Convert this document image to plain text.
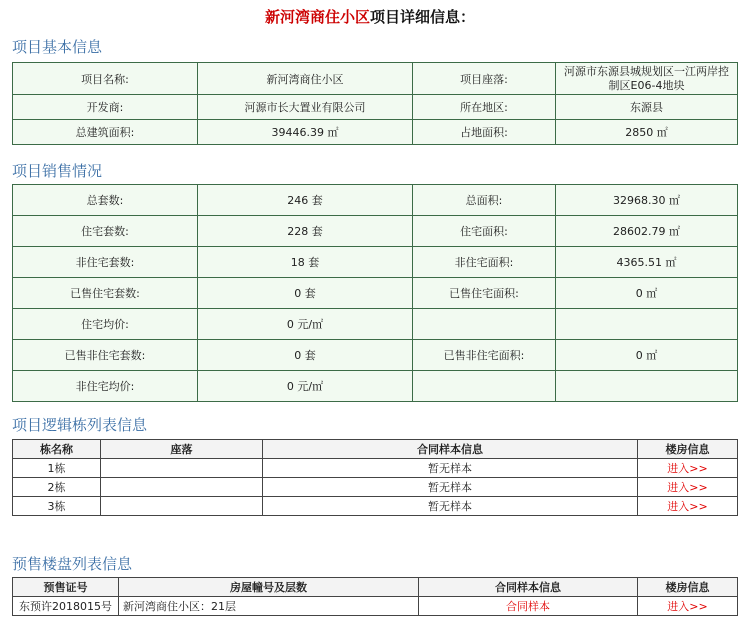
新河湾商住小区项目详细信息：
项目基本信息
项目名称:	新河湾商住小区	项目座落:	河源市东源县城规划区一江两岸控制区E06-4地块
开发商:	河源市长大置业有限公司	所在地区:	东源县
总建筑面积:	39446.39 ㎡	占地面积:	2850 ㎡
项目销售情况
总套数:	246 套	总面积:	32968.30 ㎡
住宅套数:	228 套	住宅面积:	28602.79 ㎡
非住宅套数:	18 套	非住宅面积:	4365.51 ㎡
已售住宅套数:	0 套	已售住宅面积:	0 ㎡
住宅均价:	0 元/㎡		
已售非住宅套数:	0 套	已售非住宅面积:	0 ㎡
非住宅均价:	0 元/㎡		
项目逻辑栋列表信息
栋名称	座落	合同样本信息	楼房信息
1栋		暂无样本	进入>>
2栋		暂无样本	进入>>
3栋		暂无样本	进入>>
预售楼盘列表信息
预售证号	房屋幢号及层数	合同样本信息	楼房信息
东预许2018015号	新河湾商住小区：21层	合同样本	进入>>
